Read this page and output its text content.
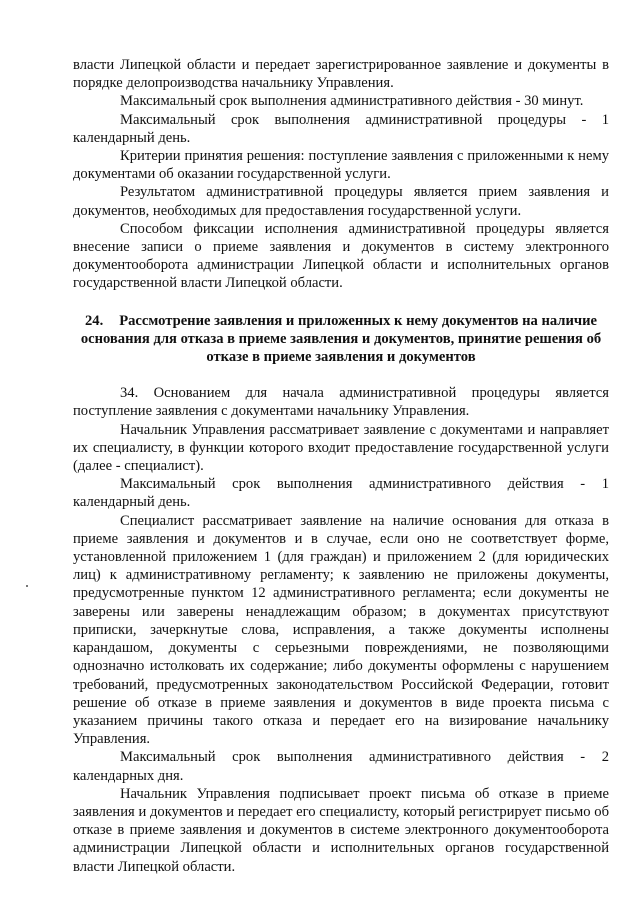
власти Липецкой области и передает зарегистрированное заявление и документы в порядке делопроизводства начальнику Управления.

Максимальный срок выполнения административного действия - 30 минут.

Максимальный срок выполнения административной процедуры - 1 календарный день.

Критерии принятия решения: поступление заявления с приложенными к нему документами об оказании государственной услуги.

Результатом административной процедуры является прием заявления и документов, необходимых для предоставления государственной услуги.

Способом фиксации исполнения административной процедуры является внесение записи о приеме заявления и документов в систему электронного документооборота администрации Липецкой области и исполнительных органов государственной власти Липецкой области.

24. Рассмотрение заявления и приложенных к нему документов на наличие основания для отказа в приеме заявления и документов, принятие решения об отказе в приеме заявления и документов

34. Основанием для начала административной процедуры является поступление заявления с документами начальнику Управления.

Начальник Управления рассматривает заявление с документами и направляет их специалисту, в функции которого входит предоставление государственной услуги (далее - специалист).

Максимальный срок выполнения административного действия - 1 календарный день.

Специалист рассматривает заявление на наличие основания для отказа в приеме заявления и документов и в случае, если оно не соответствует форме, установленной приложением 1 (для граждан) и приложением 2 (для юридических лиц) к административному регламенту; к заявлению не приложены документы, предусмотренные пунктом 12 административного регламента; если документы не заверены или заверены ненадлежащим образом; в документах присутствуют приписки, зачеркнутые слова, исправления, а также документы исполнены карандашом, документы с серьезными повреждениями, не позволяющими однозначно истолковать их содержание; либо документы оформлены с нарушением требований, предусмотренных законодательством Российской Федерации, готовит решение об отказе в приеме заявления и документов в виде проекта письма с указанием причины такого отказа и передает его на визирование начальнику Управления.

Максимальный срок выполнения административного действия - 2 календарных дня.

Начальник Управления подписывает проект письма об отказе в приеме заявления и документов и передает его специалисту, который регистрирует письмо об отказе в приеме заявления и документов в системе электронного документооборота администрации Липецкой области и исполнительных органов государственной власти Липецкой области.
